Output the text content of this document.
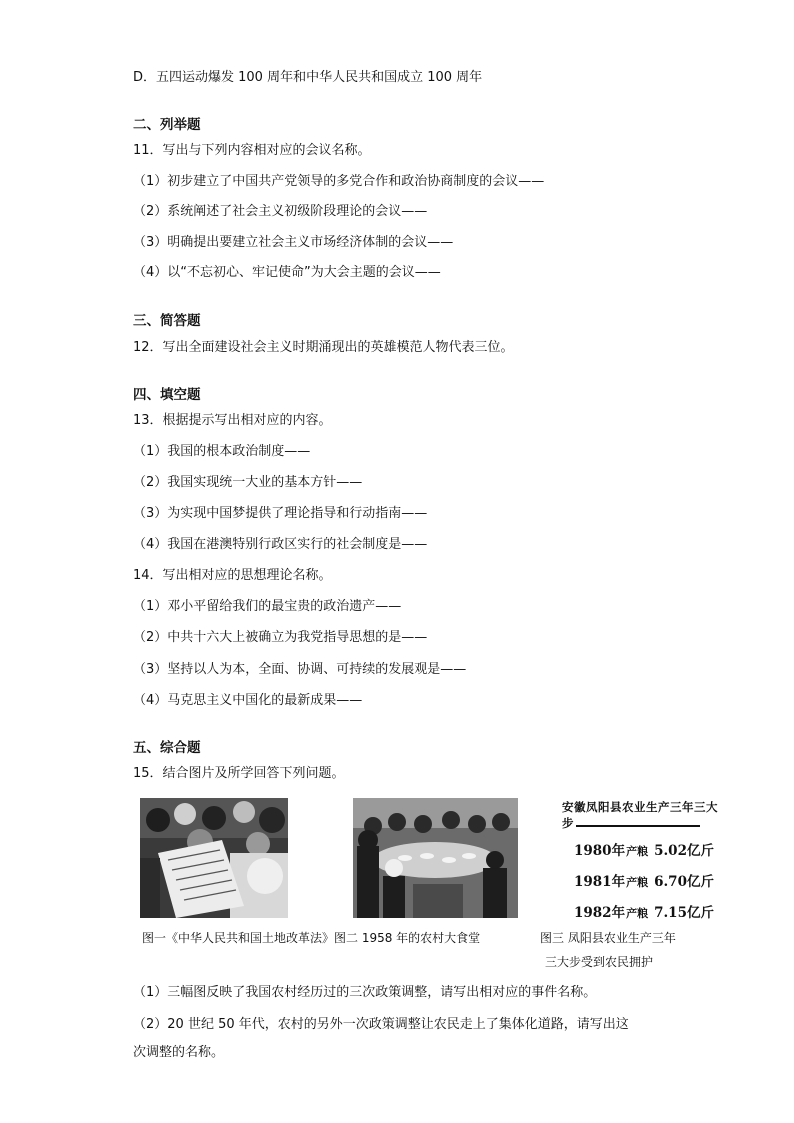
D．五四运动爆发 100 周年和中华人民共和国成立 100 周年
二、列举题
11．写出与下列内容相对应的会议名称。
（1）初步建立了中国共产党领导的多党合作和政治协商制度的会议——
（2）系统阐述了社会主义初级阶段理论的会议——
（3）明确提出要建立社会主义市场经济体制的会议——
（4）以“不忘初心、牢记使命”为大会主题的会议——
三、简答题
12．写出全面建设社会主义时期涌现出的英雄模范人物代表三位。
四、填空题
13．根据提示写出相对应的内容。
（1）我国的根本政治制度——
（2）我国实现统一大业的基本方针——
（3）为实现中国梦提供了理论指导和行动指南——
（4）我国在港澳特别行政区实行的社会制度是——
14．写出相对应的思想理论名称。
（1）邓小平留给我们的最宝贵的政治遗产——
（2）中共十六大上被确立为我党指导思想的是——
（3）坚持以人为本，全面、协调、可持续的发展观是——
（4）马克思主义中国化的最新成果——
五、综合题
15．结合图片及所学回答下列问题。
安徽凤阳县农业生产三年三大步
1980年产粮 5.02亿斤
1981年产粮 6.70亿斤
1982年产粮 7.15亿斤
图一《中华人民共和国土地改革法》图二 1958 年的农村大食堂	图三 凤阳县农业生产三年
三大步受到农民拥护
（1）三幅图反映了我国农村经历过的三次政策调整，请写出相对应的事件名称。
（2）20 世纪 50 年代，农村的另外一次政策调整让农民走上了集体化道路，请写出这
次调整的名称。
